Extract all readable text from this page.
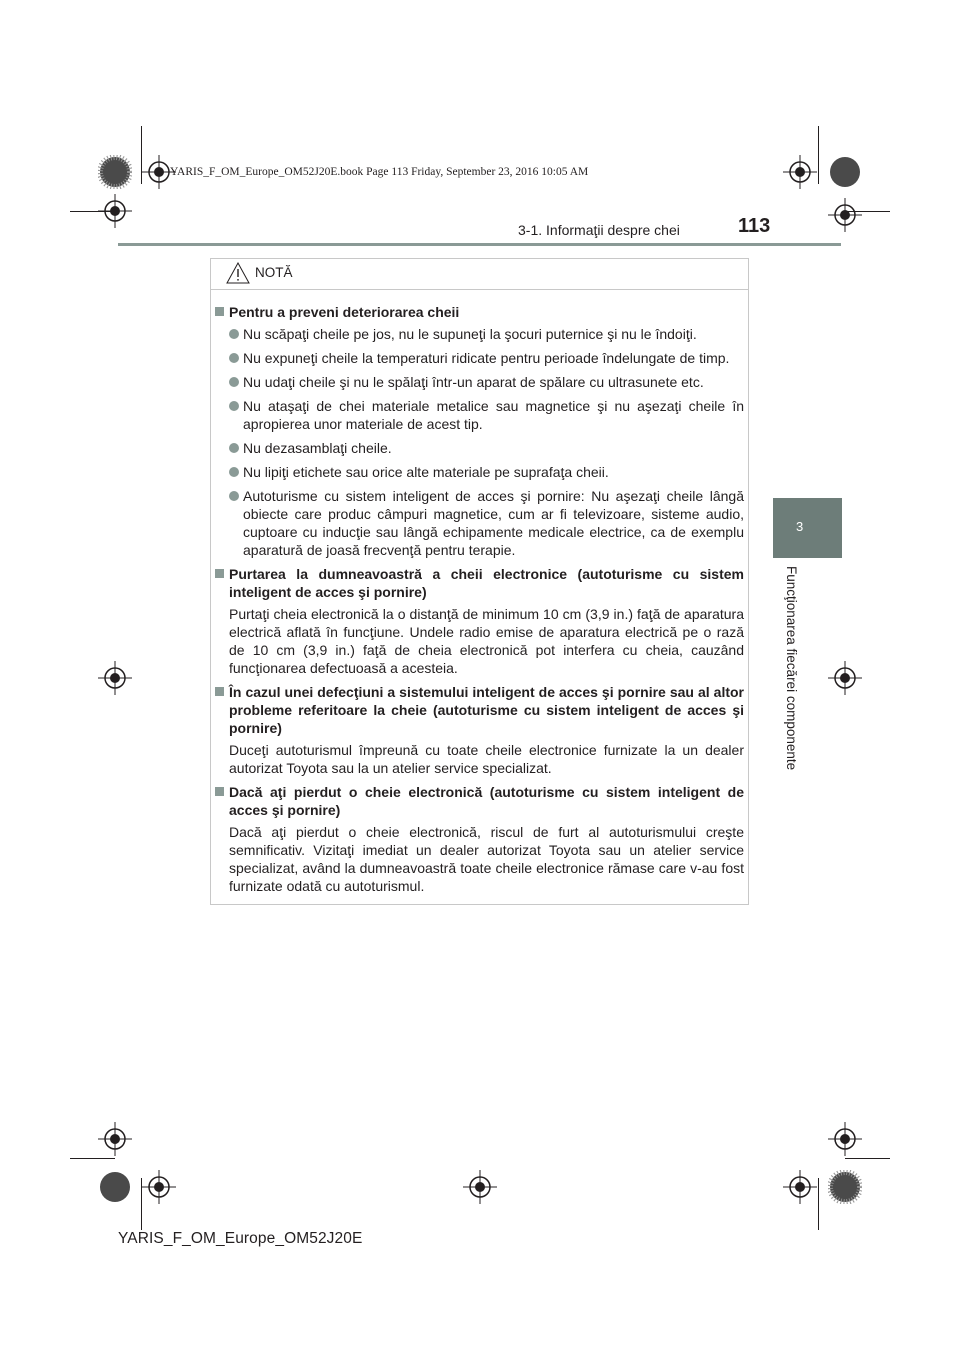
YARIS_F_OM_Europe_OM52J20E.book Page 113 Friday, September 23, 2016 10:05 AM
3-1. Informaţii despre chei	113
3
Funcţionarea fiecărei componente
NOTĂ
Pentru a preveni deteriorarea cheii
Nu scăpaţi cheile pe jos, nu le supuneţi la şocuri puternice şi nu le îndoiţi.
Nu expuneţi cheile la temperaturi ridicate pentru perioade îndelungate de timp.
Nu udaţi cheile şi nu le spălaţi într-un aparat de spălare cu ultrasunete etc.
Nu ataşaţi de chei materiale metalice sau magnetice şi nu aşezaţi cheile în apropierea unor materiale de acest tip.
Nu dezasamblaţi cheile.
Nu lipiţi etichete sau orice alte materiale pe suprafaţa cheii.
Autoturisme cu sistem inteligent de acces şi pornire: Nu aşezaţi cheile lângă obiecte care produc câmpuri magnetice, cum ar fi televizoare, sisteme audio, cuptoare cu inducţie sau lângă echipamente medicale electrice, ca de exemplu aparatură de joasă frecvenţă pentru terapie.
Purtarea la dumneavoastră a cheii electronice (autoturisme cu sistem inteligent de acces şi pornire)
Purtaţi cheia electronică la o distanţă de minimum 10 cm (3,9 in.) faţă de aparatura electrică aflată în funcţiune. Undele radio emise de aparatura electrică pe o rază de 10 cm (3,9 in.) faţă de cheia electronică pot interfera cu cheia, cauzând funcţionarea defectuoasă a acesteia.
În cazul unei defecţiuni a sistemului inteligent de acces şi pornire sau al altor probleme referitoare la cheie (autoturisme cu sistem inteligent de acces şi pornire)
Duceţi autoturismul împreună cu toate cheile electronice furnizate la un dealer autorizat Toyota sau la un atelier service specializat.
Dacă aţi pierdut o cheie electronică (autoturisme cu sistem inteligent de acces şi pornire)
Dacă aţi pierdut o cheie electronică, riscul de furt al autoturismului creşte semnificativ. Vizitaţi imediat un dealer autorizat Toyota sau un atelier service specializat, având la dumneavoastră toate cheile electronice rămase care v-au fost furnizate odată cu autoturismul.
YARIS_F_OM_Europe_OM52J20E
